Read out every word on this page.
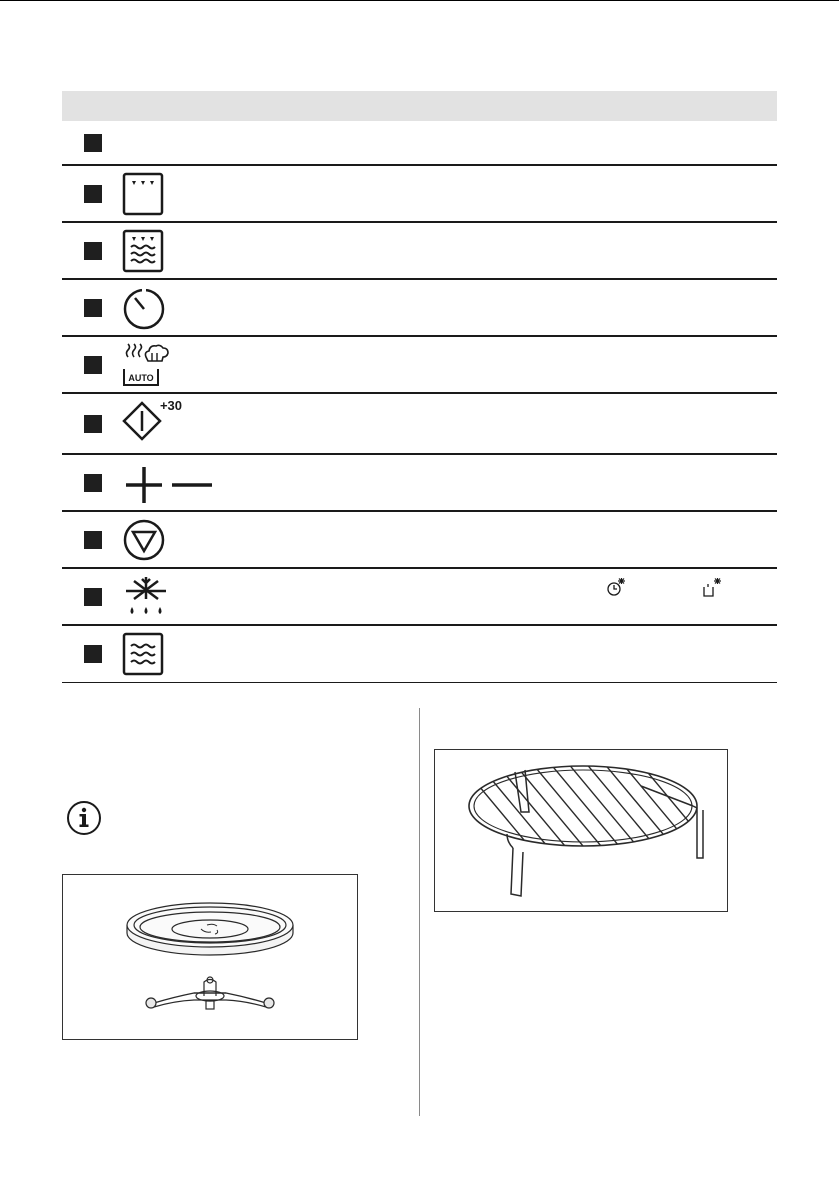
AUTO
+30
